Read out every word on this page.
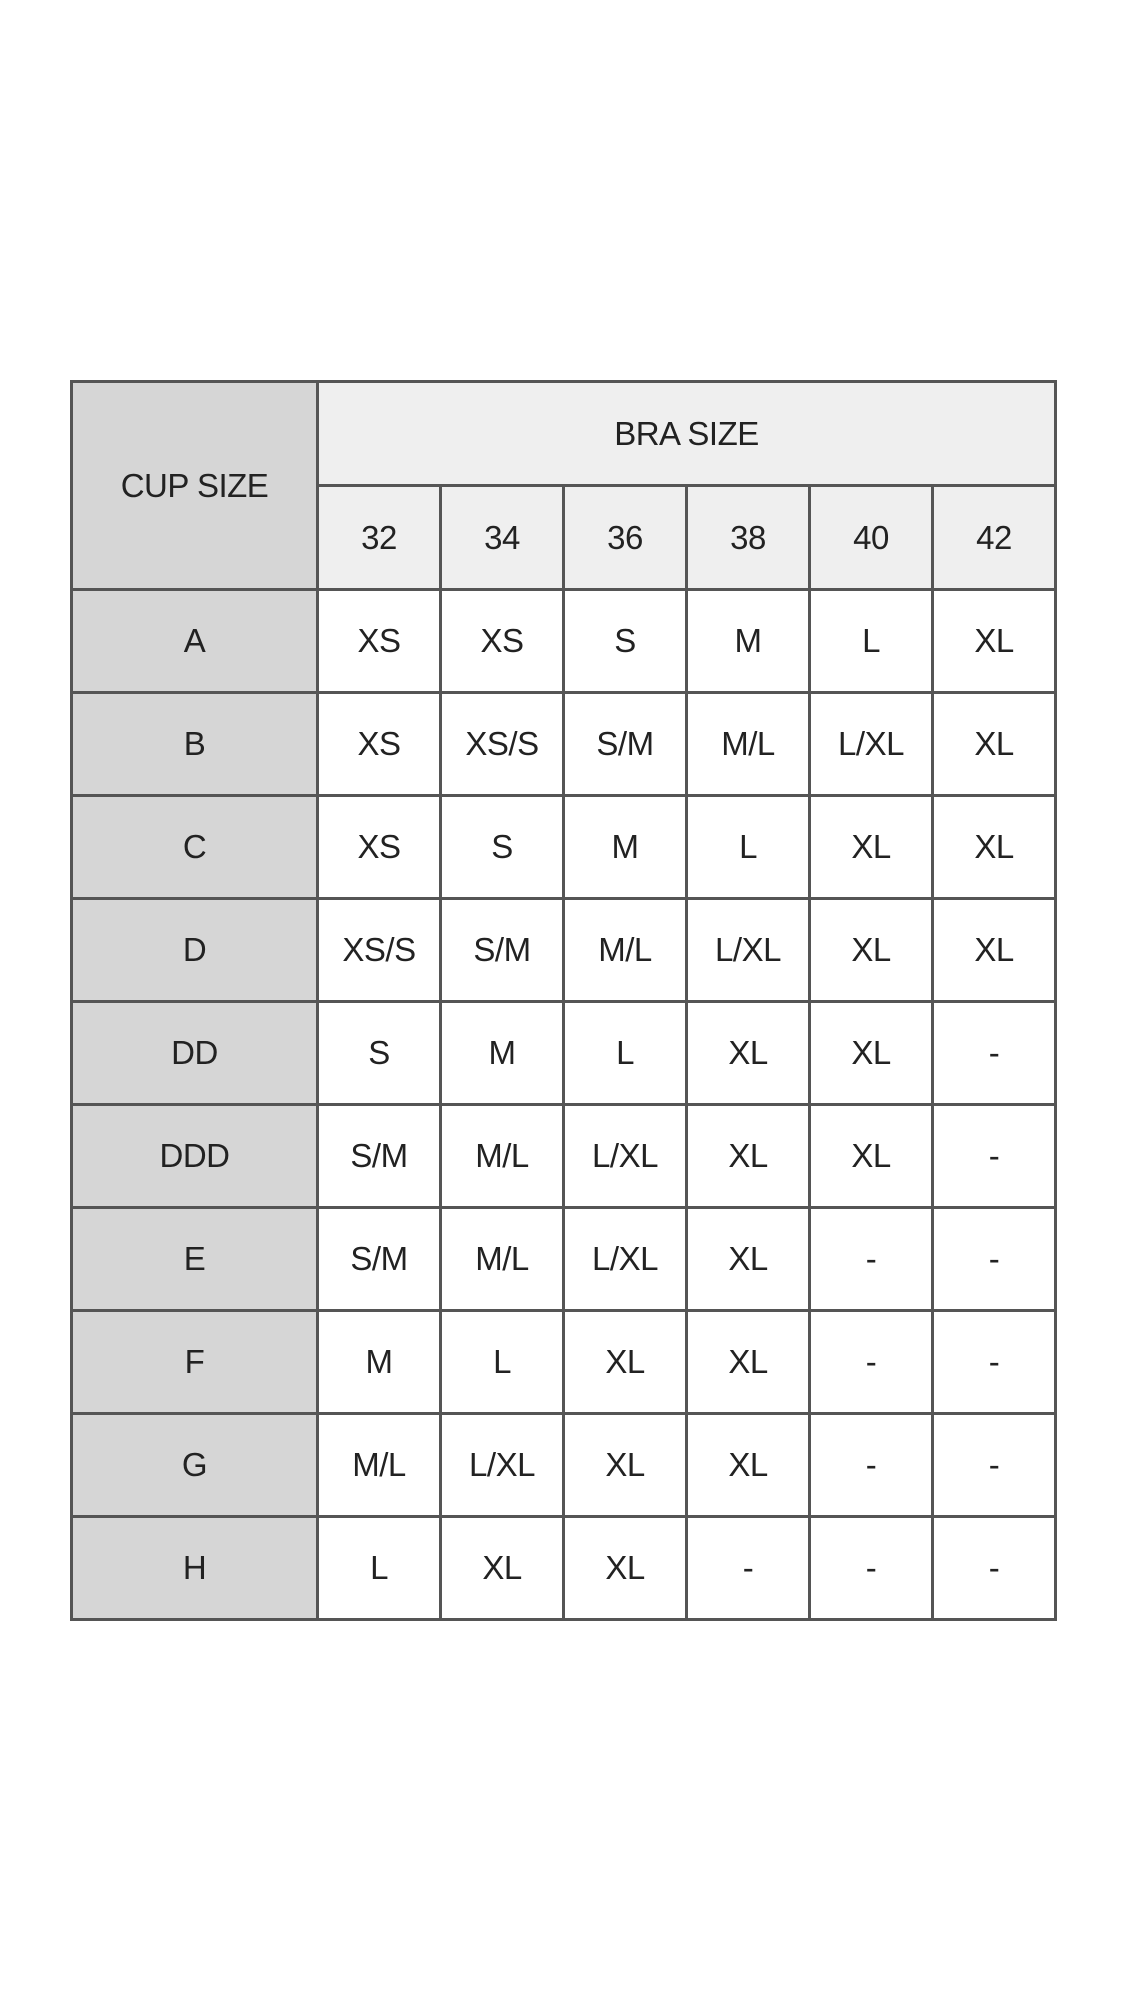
CUP SIZE	BRA SIZE					
	32	34	36	38	40	42
A	XS	XS	S	M	L	XL
B	XS	XS/S	S/M	M/L	L/XL	XL
C	XS	S	M	L	XL	XL
D	XS/S	S/M	M/L	L/XL	XL	XL
DD	S	M	L	XL	XL	-
DDD	S/M	M/L	L/XL	XL	XL	-
E	S/M	M/L	L/XL	XL	-	-
F	M	L	XL	XL	-	-
G	M/L	L/XL	XL	XL	-	-
H	L	XL	XL	-	-	-
